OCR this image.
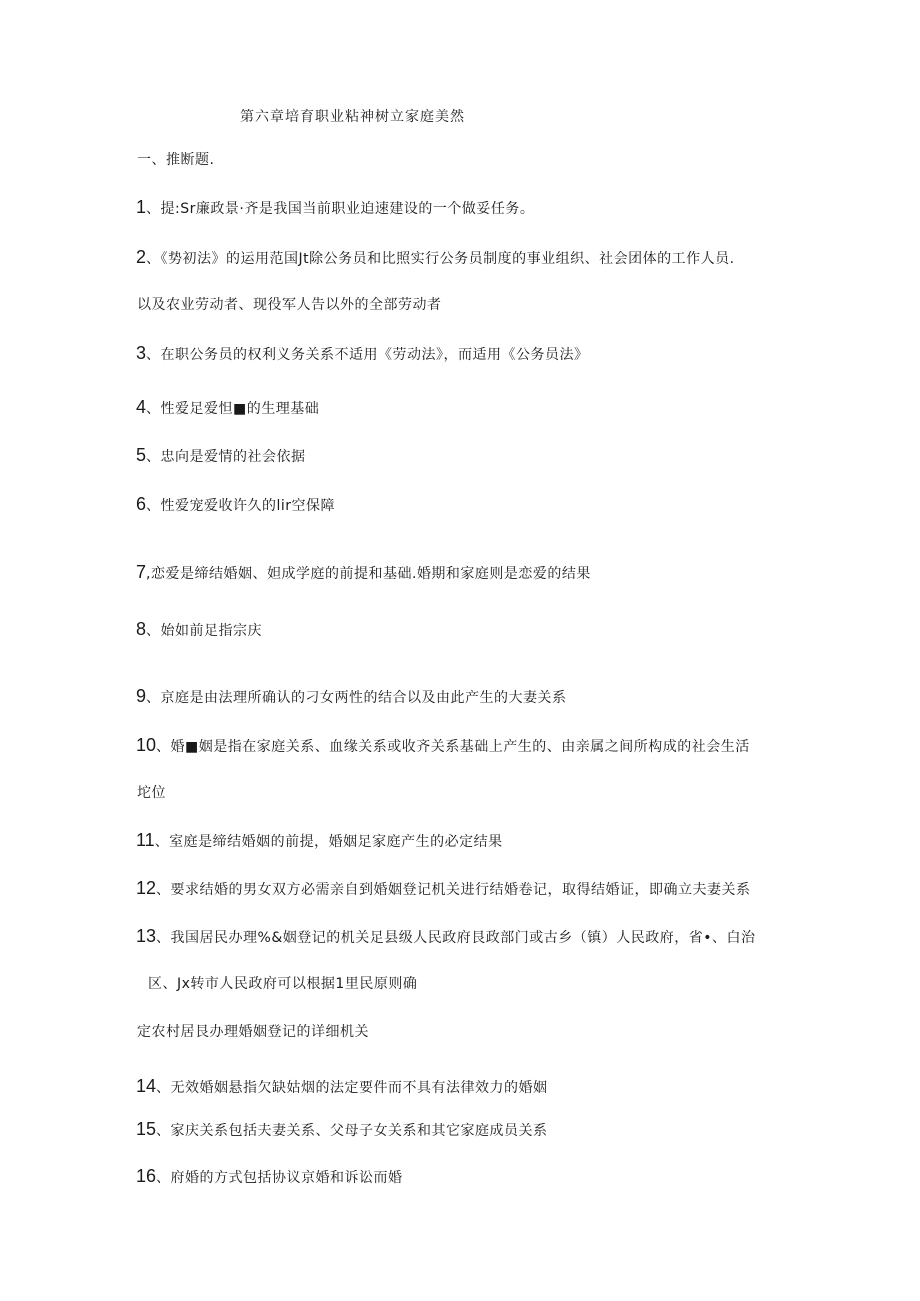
第六章培育职业粘神树立家庭美然
一、推断题.
1、提:Sr廉政景·齐是我国当前职业迫速建设的一个做妥任务。
2、《势初法》的运用范国Jt除公务员和比照实行公务员制度的事业组织、社会团体的工作人员.
以及农业劳动者、现役军人告以外的全部劳动者
3、在职公务员的权利义务关系不适用《劳动法》，而适用《公务员法》
4、性爱足爱怛■的生理基础
5、忠向是爱情的社会依据
6、性爱宠爱收许久的lir空保障
7,恋爱是缔结婚姻、妲成学庭的前提和基础.婚期和家庭则是恋爱的结果
8、始如前足指宗庆
9、京庭是由法理所确认的刁女两性的结合以及由此产生的大妻关系
10、婚■姻是指在家庭关系、血缘关系或收齐关系基础上产生的、由亲属之间所构成的社会生活
坨位
11、室庭是缔结婚姻的前提，婚姻足家庭产生的必定结果
12、要求结婚的男女双方必需亲自到婚姻登记机关进行结婚卷记，取得结婚证，即确立夫妻关系
13、我国居民办理%&姻登记的机关足县级人民政府艮政部门或古乡（镇）人民政府，省•、白治
区、Jx转市人民政府可以根据1里民原则确
定农村居艮办理婚姻登记的详细机关
14、无效婚姻悬指欠缺姑烟的法定要件而不具有法律效力的婚姻
15、家庆关系包括夫妻关系、父母子女关系和其它家庭成员关系
16、府婚的方式包括协议京婚和诉讼而婚
